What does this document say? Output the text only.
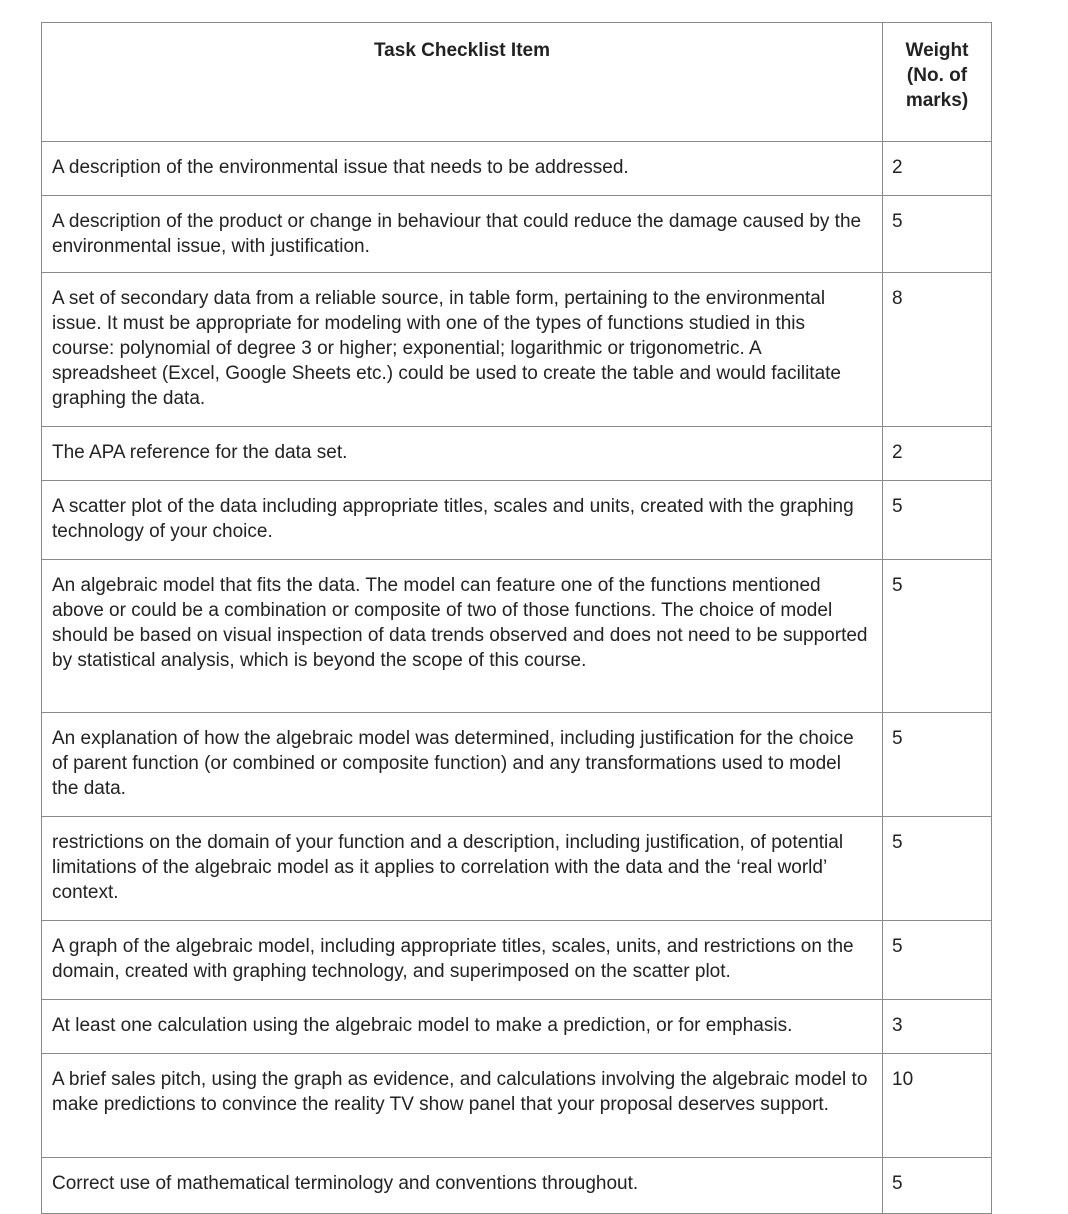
Task Checklist Item	Weight
(No. of
marks)
A description of the environmental issue that needs to be addressed.	2
A description of the product or change in behaviour that could reduce the damage caused by the environmental issue, with justification.	5
A set of secondary data from a reliable source, in table form, pertaining to the environmental issue. It must be appropriate for modeling with one of the types of functions studied in this course: polynomial of degree 3 or higher; exponential; logarithmic or trigonometric. A spreadsheet (Excel, Google Sheets etc.) could be used to create the table and would facilitate graphing the data.	8
The APA reference for the data set.	2
A scatter plot of the data including appropriate titles, scales and units, created with the graphing technology of your choice.	5
An algebraic model that fits the data. The model can feature one of the functions mentioned above or could be a combination or composite of two of those functions. The choice of model should be based on visual inspection of data trends observed and does not need to be supported by statistical analysis, which is beyond the scope of this course.	5
An explanation of how the algebraic model was determined, including justification for the choice of parent function (or combined or composite function) and any transformations used to model the data.	5
restrictions on the domain of your function and a description, including justification, of potential limitations of the algebraic model as it applies to correlation with the data and the ‘real world’ context.	5
A graph of the algebraic model, including appropriate titles, scales, units, and restrictions on the domain, created with graphing technology, and superimposed on the scatter plot.	5
At least one calculation using the algebraic model to make a prediction, or for emphasis.	3
A brief sales pitch, using the graph as evidence, and calculations involving the algebraic model to make predictions to convince the reality TV show panel that your proposal deserves support.	10
Correct use of mathematical terminology and conventions throughout.	5
